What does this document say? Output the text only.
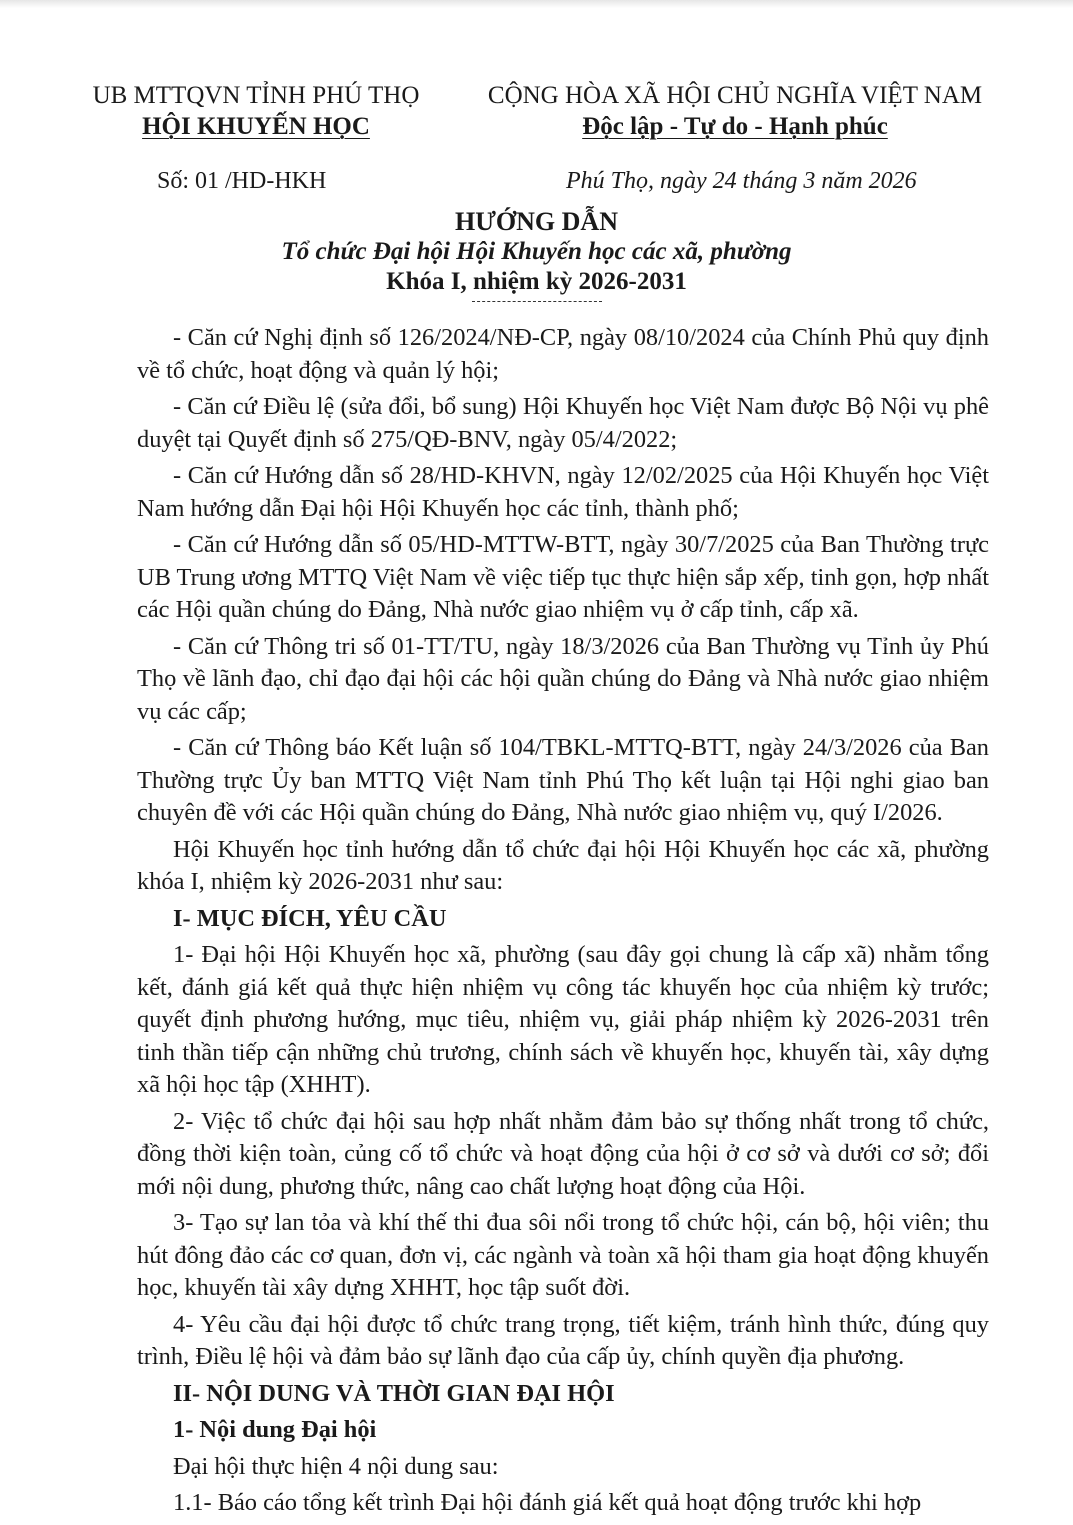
UB MTTQVN TỈNH PHÚ THỌ
HỘI KHUYẾN HỌC
CỘNG HÒA XÃ HỘI CHỦ NGHĨA VIỆT NAM
Độc lập - Tự do - Hạnh phúc
Số: 01 /HD-HKH	Phú Thọ, ngày 24 tháng 3 năm 2026
HƯỚNG DẪN
Tổ chức Đại hội Hội Khuyến học các xã, phường
Khóa I, nhiệm kỳ 2026-2031

- Căn cứ Nghị định số 126/2024/NĐ-CP, ngày 08/10/2024 của Chính Phủ quy định về tổ chức, hoạt động và quản lý hội;

- Căn cứ Điều lệ (sửa đổi, bổ sung) Hội Khuyến học Việt Nam được Bộ Nội vụ phê duyệt tại Quyết định số 275/QĐ-BNV, ngày 05/4/2022;

- Căn cứ Hướng dẫn số 28/HD-KHVN, ngày 12/02/2025 của Hội Khuyến học Việt Nam hướng dẫn Đại hội Hội Khuyến học các tỉnh, thành phố;

- Căn cứ Hướng dẫn số 05/HD-MTTW-BTT, ngày 30/7/2025 của Ban Thường trực UB Trung ương MTTQ Việt Nam về việc tiếp tục thực hiện sắp xếp, tinh gọn, hợp nhất các Hội quần chúng do Đảng, Nhà nước giao nhiệm vụ ở cấp tỉnh, cấp xã.

- Căn cứ Thông tri số 01-TT/TU, ngày 18/3/2026 của Ban Thường vụ Tỉnh ủy Phú Thọ về lãnh đạo, chỉ đạo đại hội các hội quần chúng do Đảng và Nhà nước giao nhiệm vụ các cấp;

- Căn cứ Thông báo Kết luận số 104/TBKL-MTTQ-BTT, ngày 24/3/2026 của Ban Thường trực Ủy ban MTTQ Việt Nam tỉnh Phú Thọ kết luận tại Hội nghi giao ban chuyên đề với các Hội quần chúng do Đảng, Nhà nước giao nhiệm vụ, quý I/2026.

Hội Khuyến học tỉnh hướng dẫn tổ chức đại hội Hội Khuyến học các xã, phường khóa I, nhiệm kỳ 2026-2031 như sau:

I- MỤC ĐÍCH, YÊU CẦU

1- Đại hội Hội Khuyến học xã, phường (sau đây gọi chung là cấp xã) nhằm tổng kết, đánh giá kết quả thực hiện nhiệm vụ công tác khuyến học của nhiệm kỳ trước; quyết định phương hướng, mục tiêu, nhiệm vụ, giải pháp nhiệm kỳ 2026-2031 trên tinh thần tiếp cận những chủ trương, chính sách về khuyến học, khuyến tài, xây dựng xã hội học tập (XHHT).

2- Việc tổ chức đại hội sau hợp nhất nhằm đảm bảo sự thống nhất trong tổ chức, đồng thời kiện toàn, củng cố tổ chức và hoạt động của hội ở cơ sở và dưới cơ sở; đổi mới nội dung, phương thức, nâng cao chất lượng hoạt động của Hội.

3- Tạo sự lan tỏa và khí thế thi đua sôi nổi trong tổ chức hội, cán bộ, hội viên; thu hút đông đảo các cơ quan, đơn vị, các ngành và toàn xã hội tham gia hoạt động khuyến học, khuyến tài xây dựng XHHT, học tập suốt đời.

4- Yêu cầu đại hội được tổ chức trang trọng, tiết kiệm, tránh hình thức, đúng quy trình, Điều lệ hội và đảm bảo sự lãnh đạo của cấp ủy, chính quyền địa phương.

II- NỘI DUNG VÀ THỜI GIAN ĐẠI HỘI
1- Nội dung Đại hội

Đại hội thực hiện 4 nội dung sau:

1.1- Báo cáo tổng kết trình Đại hội đánh giá kết quả hoạt động trước khi hợp
